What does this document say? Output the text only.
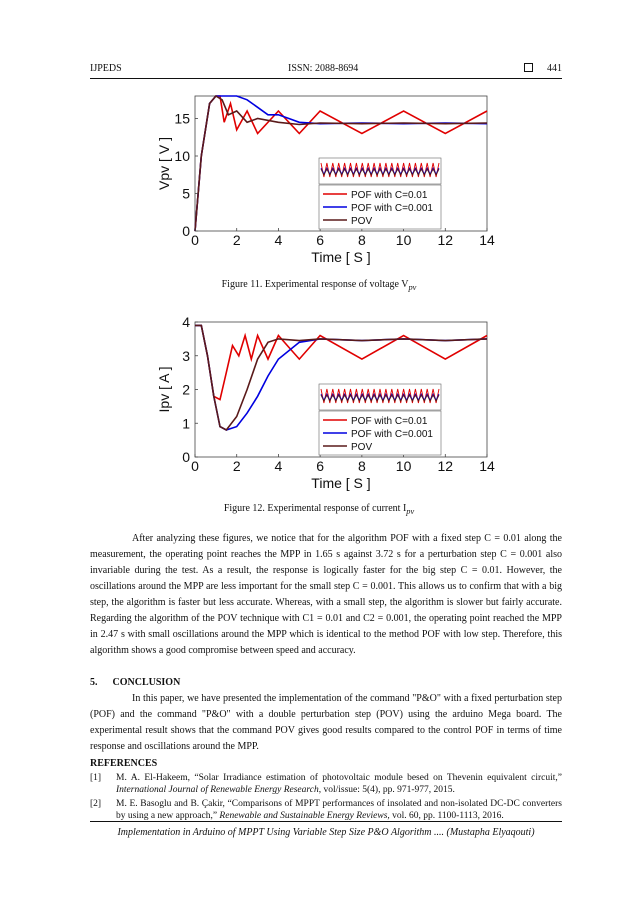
IJPEDS	ISSN: 2088-8694	441
0 2 4 6 8 10 12 14
0
5
10
15
Time [ S ]
Vpv [ V ]
POF with C=0.01
POF with C=0.001
POV
Figure 11. Experimental response of voltage $V_{pv}$
0 2 4 6 8 10 12 14
0
1
2
3
4
Time [ S ]
Ipv [ A ]
POF with C=0.01
POF with C=0.001
POV
Figure 12. Experimental response of current $I_{pv}$

After analyzing these figures, we notice that for the algorithm POF with a fixed step C = 0.01 along the measurement, the operating point reaches the MPP in 1.65 s against 3.72 s for a perturbation step C = 0.001 also invariable during the test. As a result, the response is logically faster for the big step C = 0.01. However, the oscillations around the MPP are less important for the small step C = 0.001. This allows us to confirm that with a big step, the algorithm is faster but less accurate. Whereas, with a small step, the algorithm is slower but fairly accurate. Regarding the algorithm of the POV technique with C1 = 0.01 and C2 = 0.001, the operating point reached the MPP in 2.47 s with small oscillations around the MPP which is identical to the method POF with low step. Therefore, this algorithm shows a good compromise between speed and accuracy.

5.      CONCLUSION

In this paper, we have presented the implementation of the command "P&O" with a fixed perturbation step (POF) and the command "P&O" with a double perturbation step (POV) using the arduino Mega board. The experimental result shows that the command POV gives good results compared to the control POF in terms of time response and oscillations around the MPP.

REFERENCES
[1] M. A. El-Hakeem, “Solar Irradiance estimation of photovoltaic module besed on Thevenin equivalent circuit,” International Journal of Renewable Energy Research, vol/issue: 5(4), pp. 971-977, 2015.
[2] M. E. Basoglu and B. Çakir, “Comparisons of MPPT performances of insolated and non-isolated DC-DC converters by using a new approach,” Renewable and Sustainable Energy Reviews, vol. 60, pp. 1100-1113, 2016.
Implementation in Arduino of MPPT Using Variable Step Size P&O Algorithm .... (Mustapha Elyaqouti)
